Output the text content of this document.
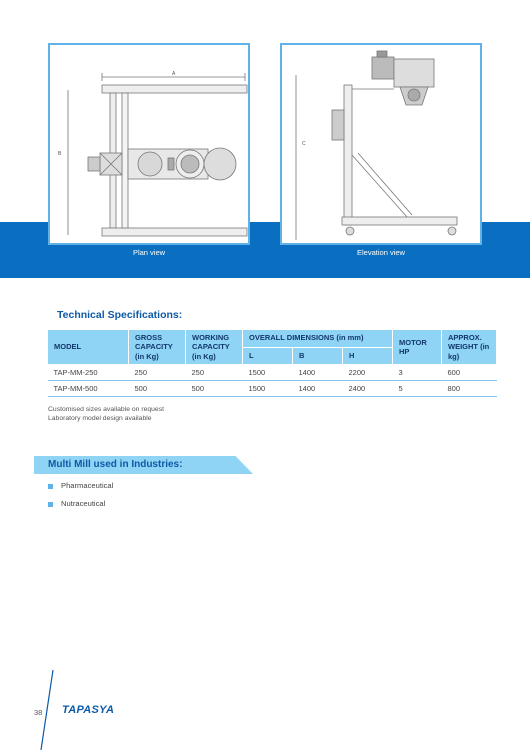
A
B
Plan view
C
Elevation view
Technical Specifications:
MODEL	GROSS CAPACITY (in Kg)	WORKING CAPACITY (in Kg)	OVERALL DIMENSIONS (in mm)			MOTOR HP	APPROX. WEIGHT (in kg)
			L	B	H		
TAP-MM-250	250	250	1500	1400	2200	3	600
TAP-MM-500	500	500	1500	1400	2400	5	800
Customised sizes available on request
Laboratory model design available
Multi Mill used in Industries:
Pharmaceutical
Nutraceutical
38 TAPASYA
